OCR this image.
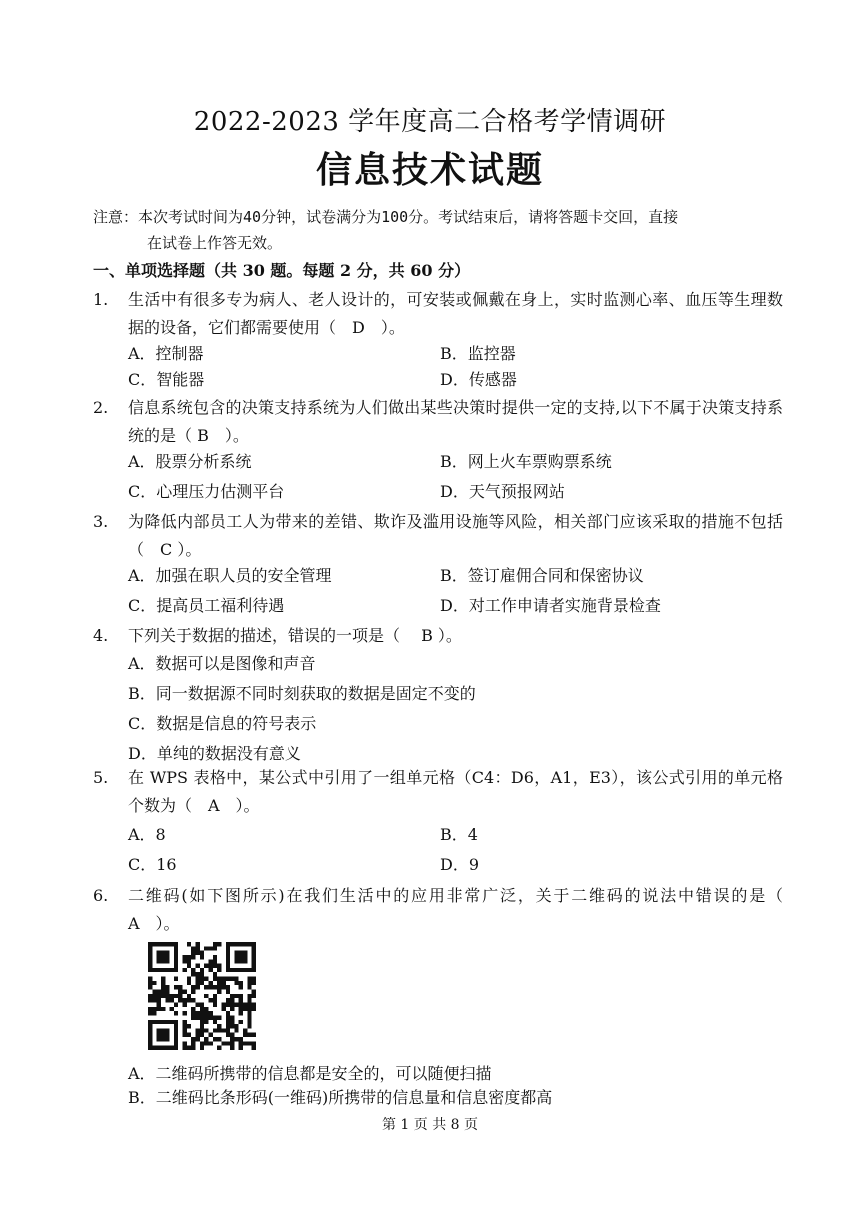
2022-2023 学年度高二合格考学情调研
信息技术试题
注意：本次考试时间为40分钟，试卷满分为100分。考试结束后，请将答题卡交回，直接
在试卷上作答无效。
一、单项选择题（共 30 题。每题 2 分，共 60 分）
1.	生活中有很多专为病人、老人设计的，可安装或佩戴在身上，实时监测心率、血压等生理数据的设备，它们都需要使用（　D　）。
A．控制器	B．监控器
C．智能器	D．传感器
2.	信息系统包含的决策支持系统为人们做出某些决策时提供一定的支持,以下不属于决策支持系统的是（ B　）。
A．股票分析系统	B．网上火车票购票系统
C．心理压力估测平台	D．天气预报网站
3.	为降低内部员工人为带来的差错、欺诈及滥用设施等风险，相关部门应该采取的措施不包括（　C ）。
A．加强在职人员的安全管理	B．签订雇佣合同和保密协议
C．提高员工福利待遇	D．对工作申请者实施背景检查
4.	下列关于数据的描述，错误的一项是（　 B ）。
A．数据可以是图像和声音
B．同一数据源不同时刻获取的数据是固定不变的
C．数据是信息的符号表示
D．单纯的数据没有意义
5.	在 WPS 表格中，某公式中引用了一组单元格（C4：D6，A1，E3），该公式引用的单元格个数为（　A　）。
A．8	B．4
C．16	D．9
6.	二维码(如下图所示)在我们生活中的应用非常广泛，关于二维码的说法中错误的是（　A　）。
A．二维码所携带的信息都是安全的，可以随便扫描
B．二维码比条形码(一维码)所携带的信息量和信息密度都高
第 1 页 共 8 页
